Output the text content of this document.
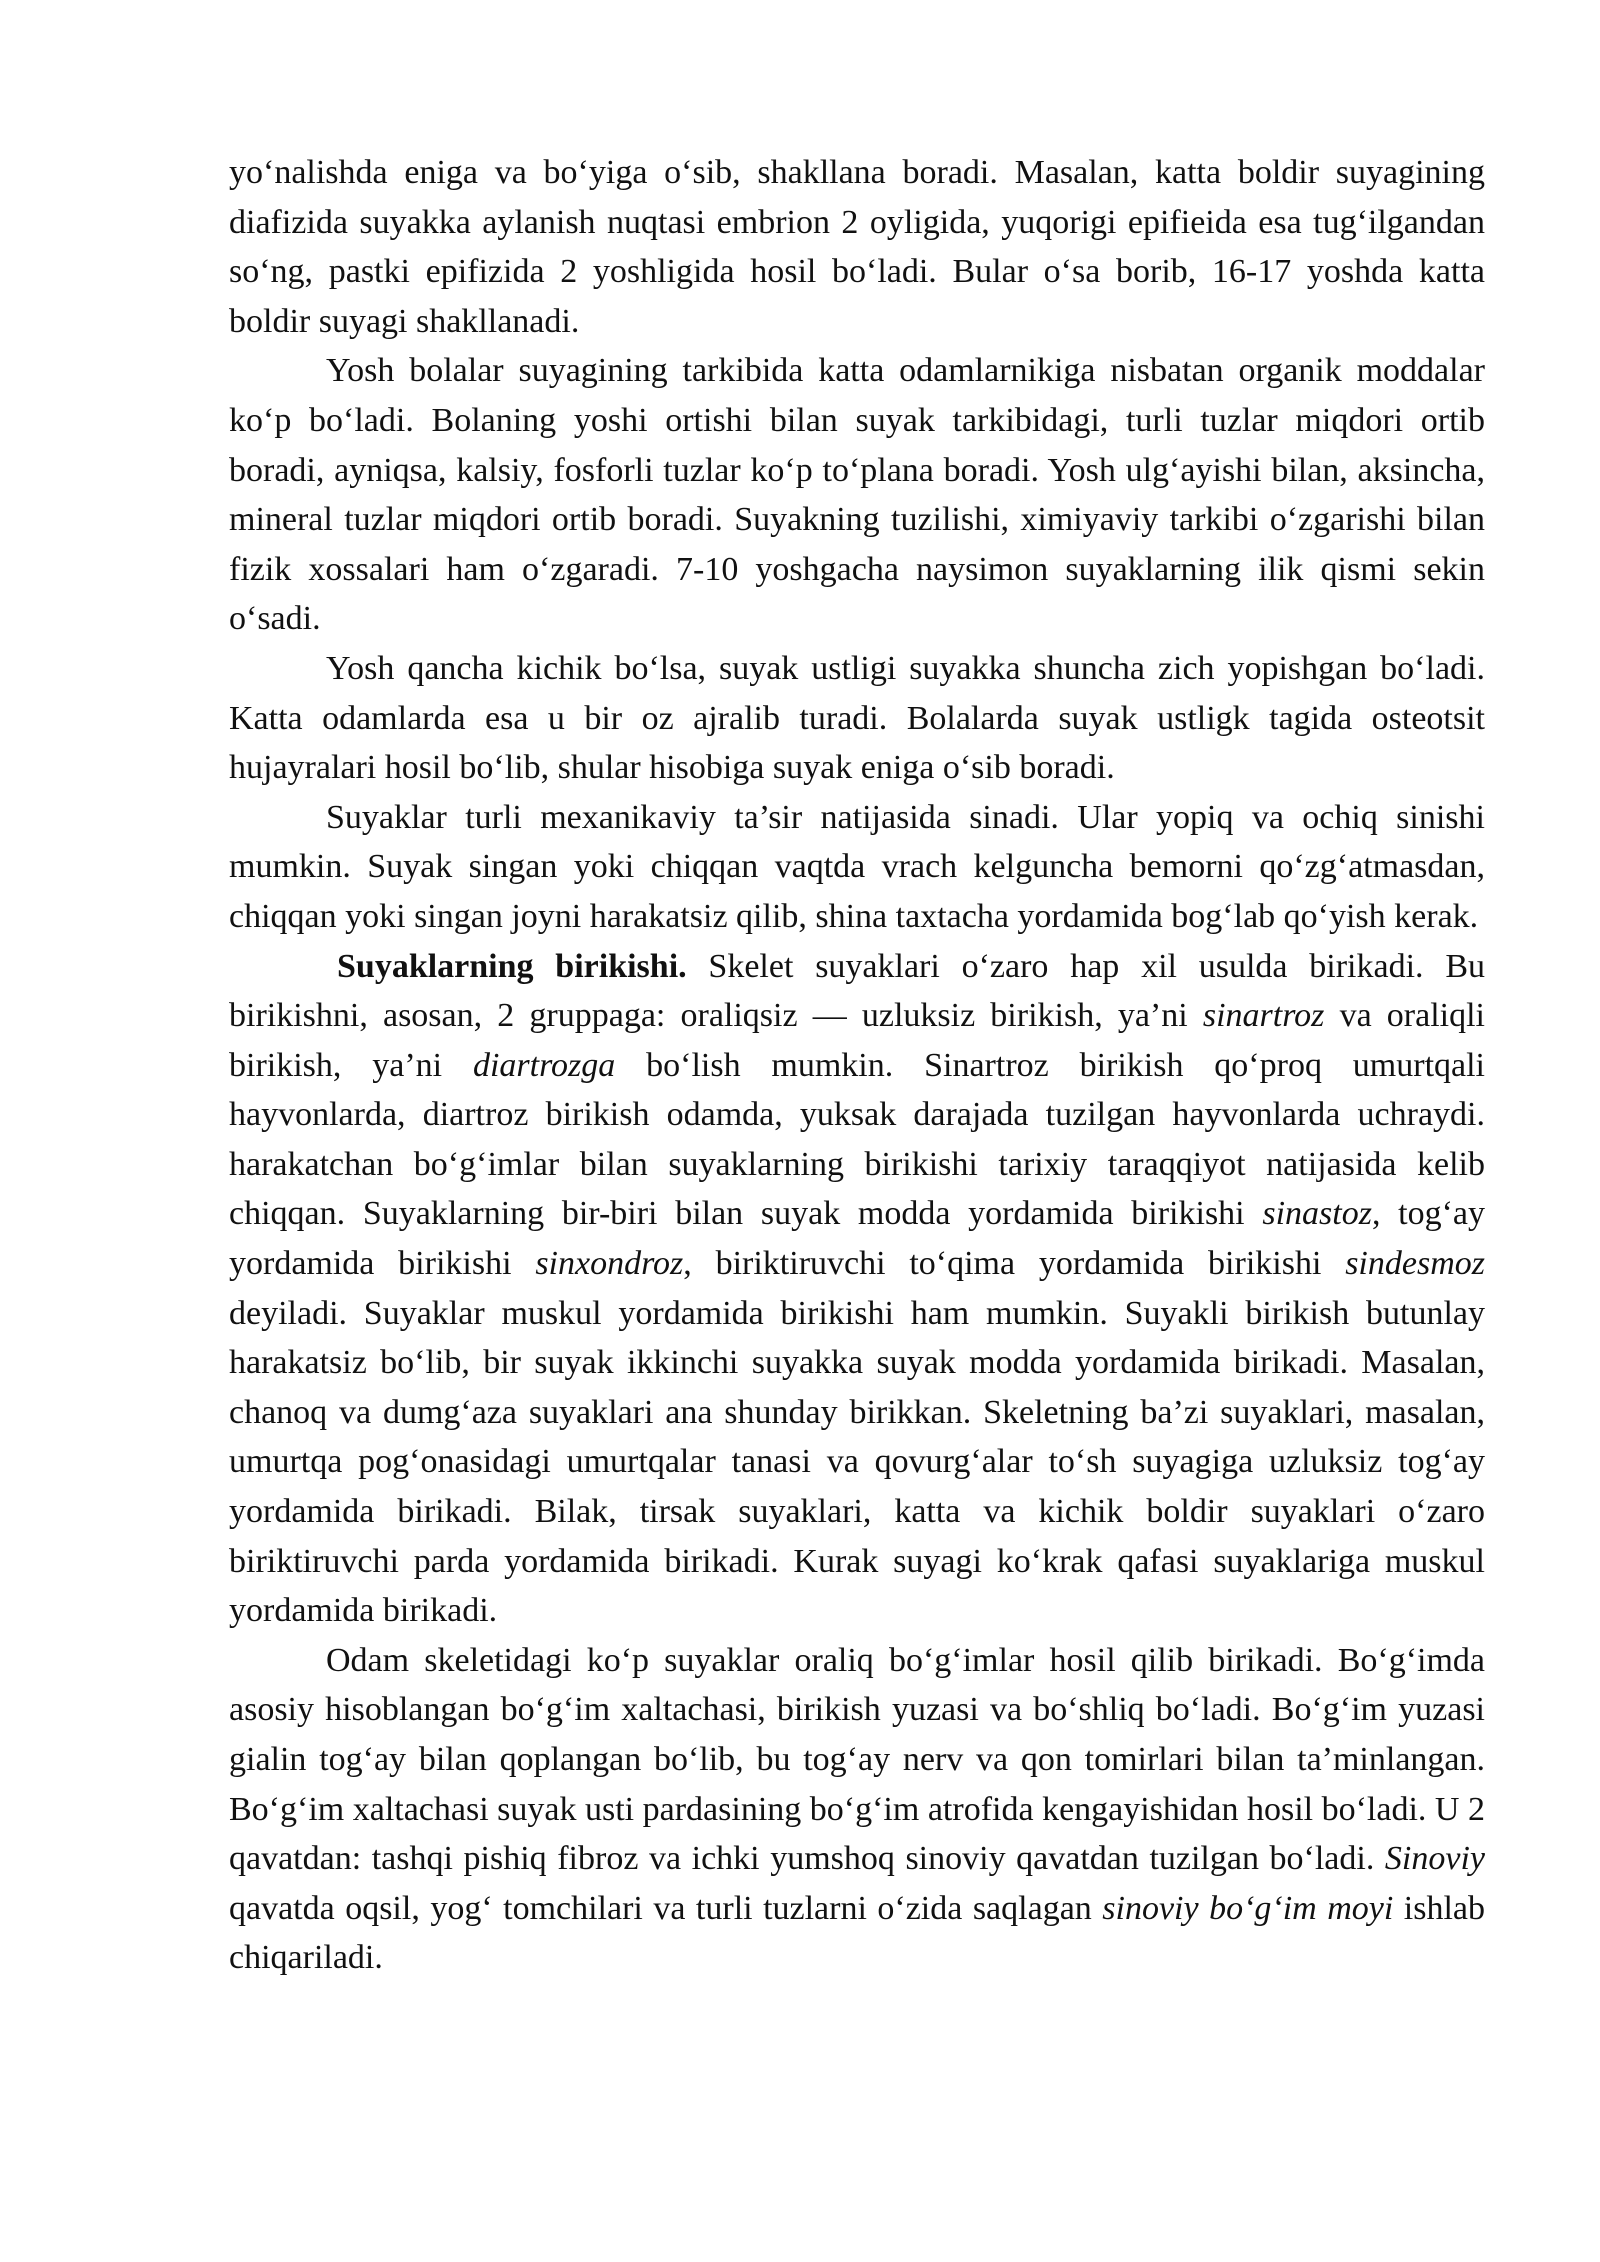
yo‘nalishda eniga va bo‘yiga o‘sib, shakllana boradi. Masalan, katta boldir suyagining diafizida suyakka aylanish nuqtasi embrion 2 oyligida, yuqorigi epifieida esa tug‘ilgandan so‘ng, pastki epifizida 2 yoshligida hosil bo‘ladi. Bular o‘sa borib, 16-17 yoshda katta boldir suyagi shakllanadi.

Yosh bolalar suyagining tarkibida katta odamlarnikiga nisbatan organik moddalar ko‘p bo‘ladi. Bolaning yoshi ortishi bilan suyak tarkibidagi, turli tuzlar miqdori ortib boradi, ayniqsa, kalsiy, fosforli tuzlar ko‘p to‘plana boradi. Yosh ulg‘ayishi bilan, aksincha, mineral tuzlar miqdori ortib boradi. Suyakning tuzilishi, ximiyaviy tarkibi o‘zgarishi bilan fizik xossalari ham o‘zgaradi. 7-10 yoshgacha naysimon suyaklarning ilik qismi sekin o‘sadi.

Yosh qancha kichik bo‘lsa, suyak ustligi suyakka shuncha zich yopishgan bo‘ladi. Katta odamlarda esa u bir oz ajralib turadi. Bolalarda suyak ustligk tagida osteotsit hujayralari hosil bo‘lib, shular hisobiga suyak eniga o‘sib boradi.

Suyaklar turli mexanikaviy ta’sir natijasida sinadi. Ular yopiq va ochiq sinishi mumkin. Suyak singan yoki chiqqan vaqtda vrach kelguncha bemorni qo‘zg‘atmasdan, chiqqan yoki singan joyni harakatsiz qilib, shina taxtacha yordamida bog‘lab qo‘yish kerak.

Suyaklarning birikishi. Skelet suyaklari o‘zaro hap xil usulda birikadi. Bu birikishni, asosan, 2 gruppaga: oraliqsiz — uzluksiz birikish, ya’ni sinartroz va oraliqli birikish, ya’ni diartrozga bo‘lish mumkin. Sinartroz birikish qo‘proq umurtqali hayvonlarda, diartroz birikish odamda, yuksak darajada tuzilgan hayvonlarda uchraydi. harakatchan bo‘g‘imlar bilan suyaklarning birikishi tarixiy taraqqiyot natijasida kelib chiqqan. Suyaklarning bir-biri bilan suyak modda yordamida birikishi sinastoz, tog‘ay yordamida birikishi sinxondroz, biriktiruvchi to‘qima yordamida birikishi sindesmoz deyiladi. Suyaklar muskul yordamida birikishi ham mumkin. Suyakli birikish butunlay harakatsiz bo‘lib, bir suyak ikkinchi suyakka suyak modda yordamida birikadi. Masalan, chanoq va dumg‘aza suyaklari ana shunday birikkan. Skeletning ba’zi suyaklari, masalan, umurtqa pog‘onasidagi umurtqalar tanasi va qovurg‘alar to‘sh suyagiga uzluksiz tog‘ay yordamida birikadi. Bilak, tirsak suyaklari, katta va kichik boldir suyaklari o‘zaro biriktiruvchi parda yordamida birikadi. Kurak suyagi ko‘krak qafasi suyaklariga muskul yordamida birikadi.

Odam skeletidagi ko‘p suyaklar oraliq bo‘g‘imlar hosil qilib birikadi. Bo‘g‘imda asosiy hisoblangan bo‘g‘im xaltachasi, birikish yuzasi va bo‘shliq bo‘ladi. Bo‘g‘im yuzasi gialin tog‘ay bilan qoplangan bo‘lib, bu tog‘ay nerv va qon tomirlari bilan ta’minlangan. Bo‘g‘im xaltachasi suyak usti pardasining bo‘g‘im atrofida kengayishidan hosil bo‘ladi. U 2 qavatdan: tashqi pishiq fibroz va ichki yumshoq sinoviy qavatdan tuzilgan bo‘ladi. Sinoviy qavatda oqsil, yog‘ tomchilari va turli tuzlarni o‘zida saqlagan sinoviy bo‘g‘im moyi ishlab chiqariladi.
